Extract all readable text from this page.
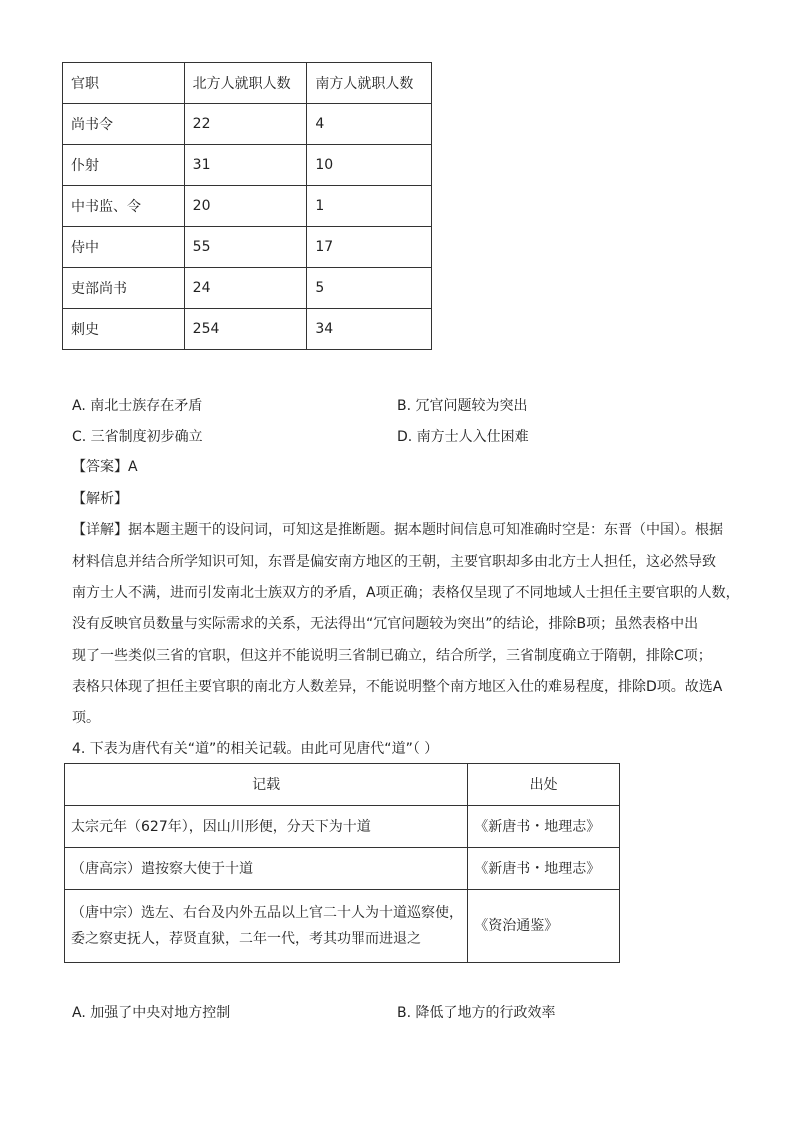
官职	北方人就职人数	南方人就职人数
尚书令	22	4
仆射	31	10
中书监、令	20	1
侍中	55	17
吏部尚书	24	5
刺史	254	34
A. 南北士族存在矛盾	B. 冗官问题较为突出
C. 三省制度初步确立	D. 南方士人入仕困难
【答案】A
【解析】
【详解】据本题主题干的设问词，可知这是推断题。据本题时间信息可知准确时空是：东晋（中国）。根据
材料信息并结合所学知识可知，东晋是偏安南方地区的王朝，主要官职却多由北方士人担任，这必然导致
南方士人不满，进而引发南北士族双方的矛盾，A项正确；表格仅呈现了不同地域人士担任主要官职的人数，
没有反映官员数量与实际需求的关系，无法得出“冗官问题较为突出”的结论，排除B项；虽然表格中出
现了一些类似三省的官职，但这并不能说明三省制已确立，结合所学，三省制度确立于隋朝，排除C项；
表格只体现了担任主要官职的南北方人数差异，不能说明整个南方地区入仕的难易程度，排除D项。故选A
项。
4. 下表为唐代有关“道”的相关记载。由此可见唐代“道”（ ）
记载	出处
太宗元年（627年），因山川形便，分天下为十道	《新唐书・地理志》
（唐高宗）遣按察大使于十道	《新唐书・地理志》
（唐中宗）选左、右台及内外五品以上官二十人为十道巡察使，委之察吏抚人，荐贤直狱，二年一代，考其功罪而进退之	《资治通鉴》
A. 加强了中央对地方控制	B. 降低了地方的行政效率
